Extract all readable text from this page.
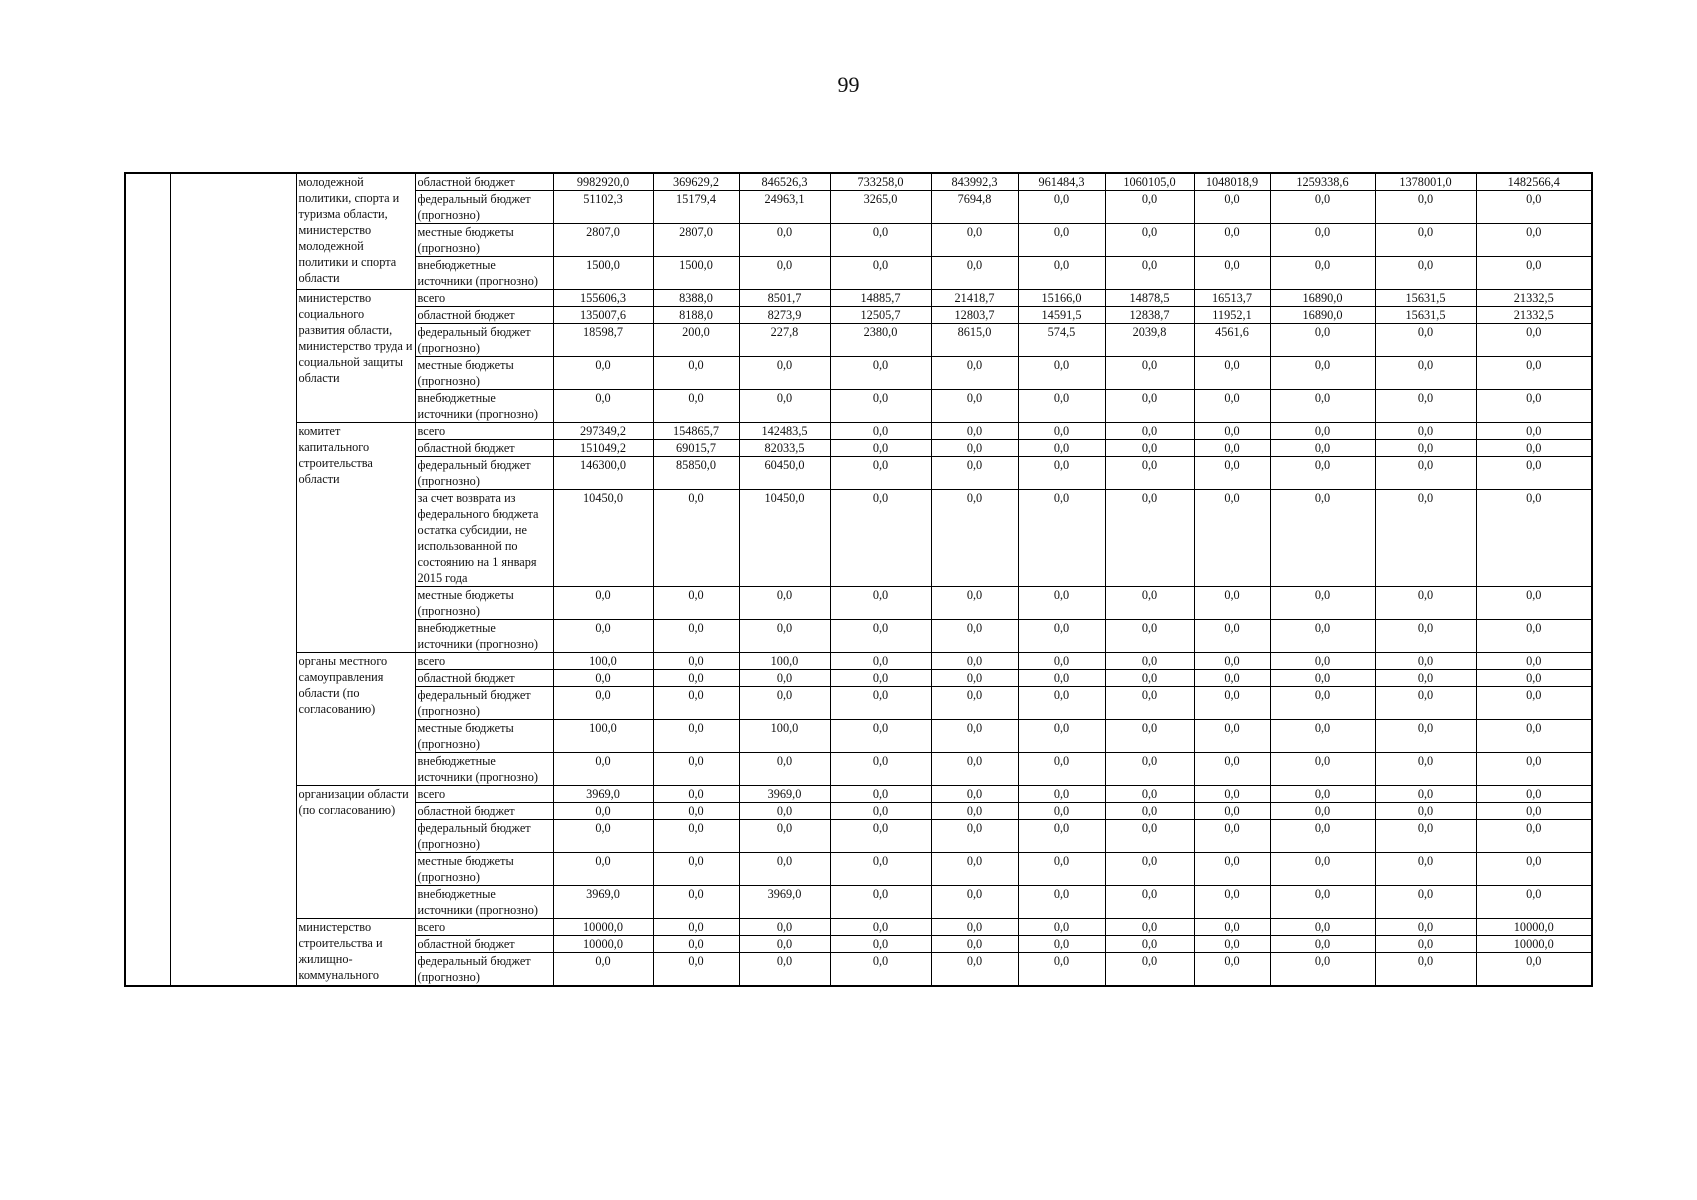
99
		молодежной политики, спорта и туризма области, министерство молодежной политики и спорта области	областной бюджет	9982920,0	369629,2	846526,3	733258,0	843992,3	961484,3	1060105,0	1048018,9	1259338,6	1378001,0	1482566,4
			федеральный бюджет (прогнозно)	51102,3	15179,4	24963,1	3265,0	7694,8	0,0	0,0	0,0	0,0	0,0	0,0
			местные бюджеты (прогнозно)	2807,0	2807,0	0,0	0,0	0,0	0,0	0,0	0,0	0,0	0,0	0,0
			внебюджетные источники (прогнозно)	1500,0	1500,0	0,0	0,0	0,0	0,0	0,0	0,0	0,0	0,0	0,0
		министерство социального развития области, министерство труда и социальной защиты области	всего	155606,3	8388,0	8501,7	14885,7	21418,7	15166,0	14878,5	16513,7	16890,0	15631,5	21332,5
			областной бюджет	135007,6	8188,0	8273,9	12505,7	12803,7	14591,5	12838,7	11952,1	16890,0	15631,5	21332,5
			федеральный бюджет (прогнозно)	18598,7	200,0	227,8	2380,0	8615,0	574,5	2039,8	4561,6	0,0	0,0	0,0
			местные бюджеты (прогнозно)	0,0	0,0	0,0	0,0	0,0	0,0	0,0	0,0	0,0	0,0	0,0
			внебюджетные источники (прогнозно)	0,0	0,0	0,0	0,0	0,0	0,0	0,0	0,0	0,0	0,0	0,0
		комитет капитального строительства области	всего	297349,2	154865,7	142483,5	0,0	0,0	0,0	0,0	0,0	0,0	0,0	0,0
			областной бюджет	151049,2	69015,7	82033,5	0,0	0,0	0,0	0,0	0,0	0,0	0,0	0,0
			федеральный бюджет (прогнозно)	146300,0	85850,0	60450,0	0,0	0,0	0,0	0,0	0,0	0,0	0,0	0,0
			за счет возврата из федерального бюджета остатка субсидии, не использованной по состоянию на 1 января 2015 года	10450,0	0,0	10450,0	0,0	0,0	0,0	0,0	0,0	0,0	0,0	0,0
			местные бюджеты (прогнозно)	0,0	0,0	0,0	0,0	0,0	0,0	0,0	0,0	0,0	0,0	0,0
			внебюджетные источники (прогнозно)	0,0	0,0	0,0	0,0	0,0	0,0	0,0	0,0	0,0	0,0	0,0
		органы местного самоуправления области (по согласованию)	всего	100,0	0,0	100,0	0,0	0,0	0,0	0,0	0,0	0,0	0,0	0,0
			областной бюджет	0,0	0,0	0,0	0,0	0,0	0,0	0,0	0,0	0,0	0,0	0,0
			федеральный бюджет (прогнозно)	0,0	0,0	0,0	0,0	0,0	0,0	0,0	0,0	0,0	0,0	0,0
			местные бюджеты (прогнозно)	100,0	0,0	100,0	0,0	0,0	0,0	0,0	0,0	0,0	0,0	0,0
			внебюджетные источники (прогнозно)	0,0	0,0	0,0	0,0	0,0	0,0	0,0	0,0	0,0	0,0	0,0
		организации области (по согласованию)	всего	3969,0	0,0	3969,0	0,0	0,0	0,0	0,0	0,0	0,0	0,0	0,0
			областной бюджет	0,0	0,0	0,0	0,0	0,0	0,0	0,0	0,0	0,0	0,0	0,0
			федеральный бюджет (прогнозно)	0,0	0,0	0,0	0,0	0,0	0,0	0,0	0,0	0,0	0,0	0,0
			местные бюджеты (прогнозно)	0,0	0,0	0,0	0,0	0,0	0,0	0,0	0,0	0,0	0,0	0,0
			внебюджетные источники (прогнозно)	3969,0	0,0	3969,0	0,0	0,0	0,0	0,0	0,0	0,0	0,0	0,0
		министерство строительства и жилищно-коммунального	всего	10000,0	0,0	0,0	0,0	0,0	0,0	0,0	0,0	0,0	0,0	10000,0
			областной бюджет	10000,0	0,0	0,0	0,0	0,0	0,0	0,0	0,0	0,0	0,0	10000,0
			федеральный бюджет (прогнозно)	0,0	0,0	0,0	0,0	0,0	0,0	0,0	0,0	0,0	0,0	0,0
